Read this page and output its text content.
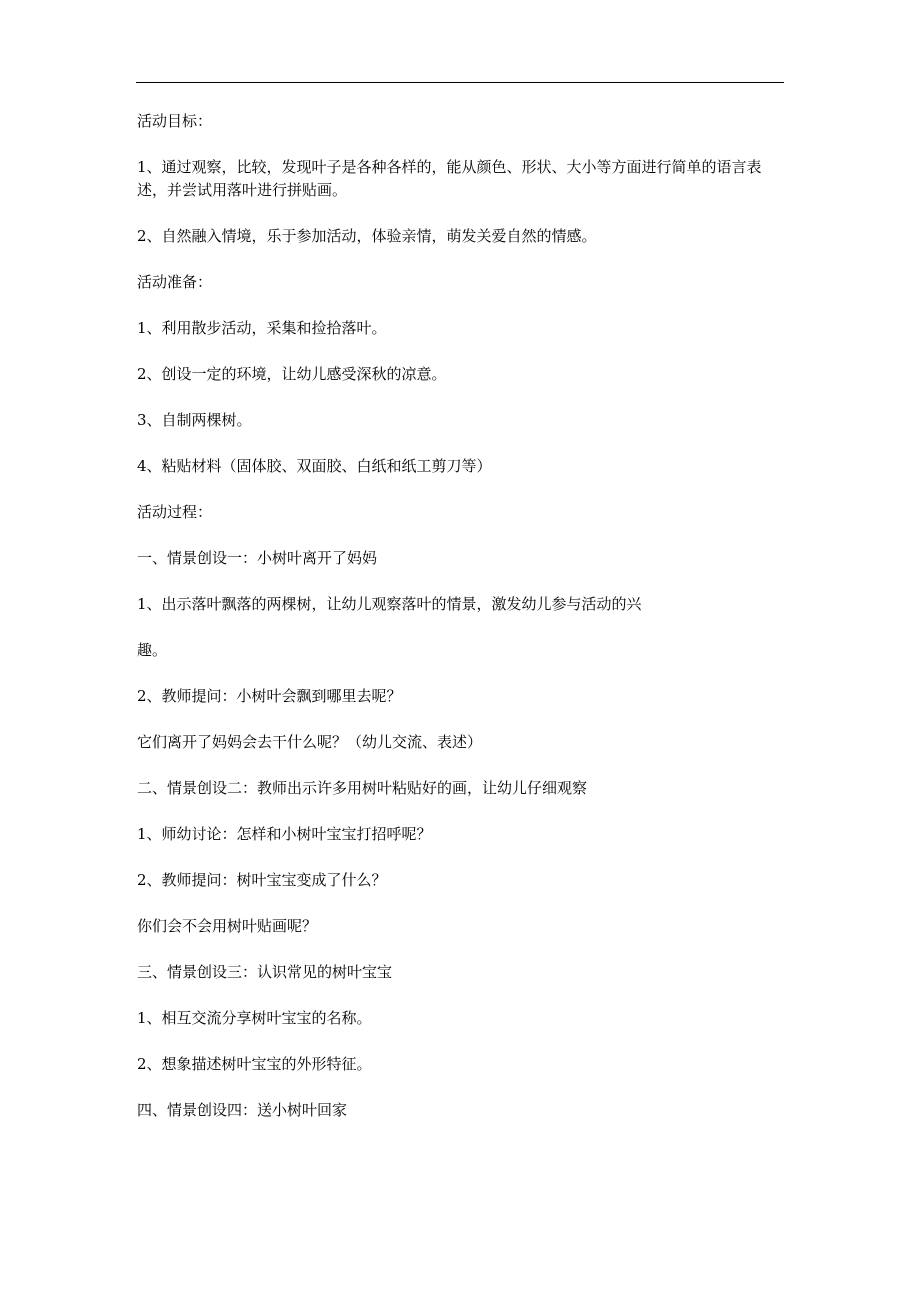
活动目标：

1、通过观察，比较，发现叶子是各种各样的，能从颜色、形状、大小等方面进行简单的语言表述，并尝试用落叶进行拼贴画。

2、自然融入情境，乐于参加活动，体验亲情，萌发关爱自然的情感。

活动准备：

1、利用散步活动，采集和捡拾落叶。

2、创设一定的环境，让幼儿感受深秋的凉意。

3、自制两棵树。

4、粘贴材料（固体胶、双面胶、白纸和纸工剪刀等）

活动过程：

一、情景创设一：小树叶离开了妈妈

1、出示落叶飘落的两棵树，让幼儿观察落叶的情景，激发幼儿参与活动的兴

趣。

2、教师提问：小树叶会飘到哪里去呢？

它们离开了妈妈会去干什么呢？（幼儿交流、表述）

二、情景创设二：教师出示许多用树叶粘贴好的画，让幼儿仔细观察

1、师幼讨论：怎样和小树叶宝宝打招呼呢？

2、教师提问：树叶宝宝变成了什么？

你们会不会用树叶贴画呢？

三、情景创设三：认识常见的树叶宝宝

1、相互交流分享树叶宝宝的名称。

2、想象描述树叶宝宝的外形特征。

四、情景创设四：送小树叶回家
